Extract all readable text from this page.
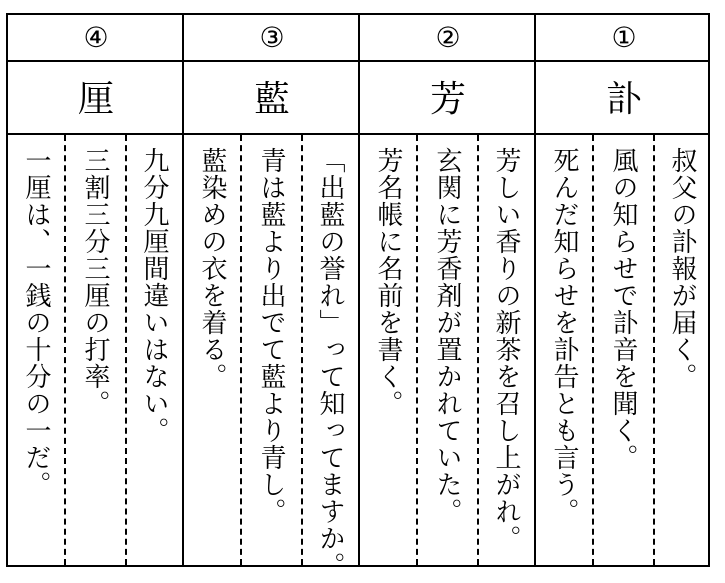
④
厘
九分九厘間違いはない。
三割三分三厘の打率。
一厘は、一銭の十分の一だ。
③
藍
「出藍の誉れ」って知ってますか。
青は藍より出でて藍より青し。
藍染めの衣を着る。
②
芳
芳しい香りの新茶を召し上がれ。
玄関に芳香剤が置かれていた。
芳名帳に名前を書く。
①
訃
叔父の訃報が届く。
風の知らせで訃音を聞く。
死んだ知らせを訃告とも言う。
